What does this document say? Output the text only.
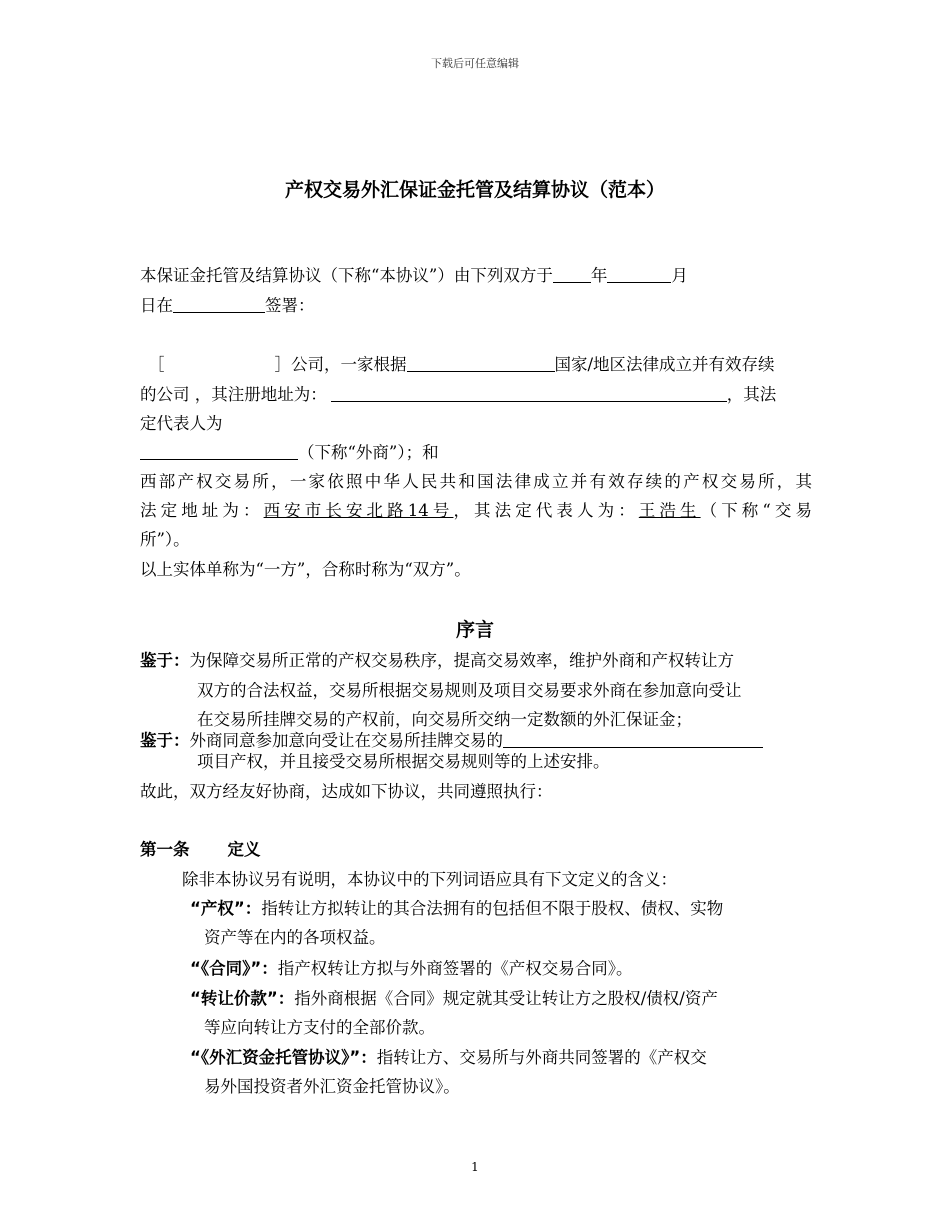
下载后可任意编辑
产权交易外汇保证金托管及结算协议（范本）
本保证金托管及结算协议（下称“本协议”）由下列双方于 年	月
日在	签署：
［	］公司，一家根据	国家/地区法律成立并有效存续
的公司 ，其注册地址为：	，其法
定代表人为
（下称“外商”）；和
西部产权交易所，一家依照中华人民共和国法律成立并有效存续的产权交易所，其
法定地址为：西安市长安北路14号，其法定代表人为：王浩生（下称“交易
所”）。
以上实体单称为“一方”，合称时称为“双方”。
序言
鉴于：为保障交易所正常的产权交易秩序，提高交易效率，维护外商和产权转让方
双方的合法权益，交易所根据交易规则及项目交易要求外商在参加意向受让
在交易所挂牌交易的产权前，向交易所交纳一定数额的外汇保证金；
鉴于：外商同意参加意向受让在交易所挂牌交易的
项目产权，并且接受交易所根据交易规则等的上述安排。
故此，双方经友好协商，达成如下协议，共同遵照执行：
第一条 定义
除非本协议另有说明，本协议中的下列词语应具有下文定义的含义：
“产权”：指转让方拟转让的其合法拥有的包括但不限于股权、债权、实物
资产等在内的各项权益。
“《合同》”：指产权转让方拟与外商签署的《产权交易合同》。
“转让价款”：指外商根据《合同》规定就其受让转让方之股权/债权/资产
等应向转让方支付的全部价款。
“《外汇资金托管协议》”：指转让方、交易所与外商共同签署的《产权交
易外国投资者外汇资金托管协议》。
1
